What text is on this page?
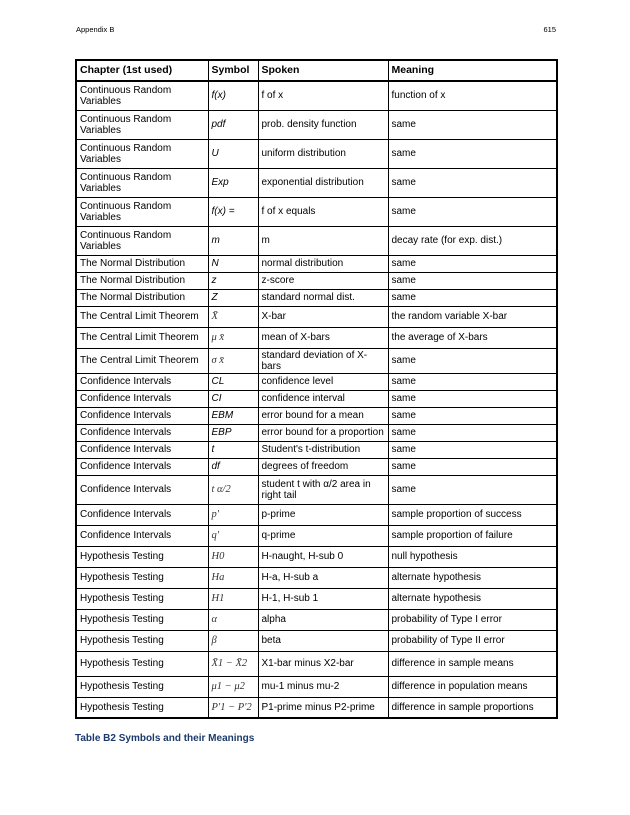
Appendix B	615
Chapter (1st used)	Symbol	Spoken	Meaning
Continuous Random Variables	f(x)	f of x	function of x
Continuous Random Variables	pdf	prob. density function	same
Continuous Random Variables	U	uniform distribution	same
Continuous Random Variables	Exp	exponential distribution	same
Continuous Random Variables	f(x) =	f of x equals	same
Continuous Random Variables	m	m	decay rate (for exp. dist.)
The Normal Distribution	N	normal distribution	same
The Normal Distribution	z	z-score	same
The Normal Distribution	Z	standard normal dist.	same
The Central Limit Theorem	X̄	X-bar	the random variable X-bar
The Central Limit Theorem	μ x̄	mean of X-bars	the average of X-bars
The Central Limit Theorem	σ x̄	standard deviation of X-bars	same
Confidence Intervals	CL	confidence level	same
Confidence Intervals	CI	confidence interval	same
Confidence Intervals	EBM	error bound for a mean	same
Confidence Intervals	EBP	error bound for a proportion	same
Confidence Intervals	t	Student's t-distribution	same
Confidence Intervals	df	degrees of freedom	same
Confidence Intervals	t α/2	student t with α/2 area in right tail	same
Confidence Intervals	p′	p-prime	sample proportion of success
Confidence Intervals	q′	q-prime	sample proportion of failure
Hypothesis Testing	H0	H-naught, H-sub 0	null hypothesis
Hypothesis Testing	Ha	H-a, H-sub a	alternate hypothesis
Hypothesis Testing	H1	H-1, H-sub 1	alternate hypothesis
Hypothesis Testing	α	alpha	probability of Type I error
Hypothesis Testing	β	beta	probability of Type II error
Hypothesis Testing	X̄1 − X̄2	X1-bar minus X2-bar	difference in sample means
Hypothesis Testing	μ1 − μ2	mu-1 minus mu-2	difference in population means
Hypothesis Testing	P′1 − P′2	P1-prime minus P2-prime	difference in sample proportions
Table B2 Symbols and their Meanings
